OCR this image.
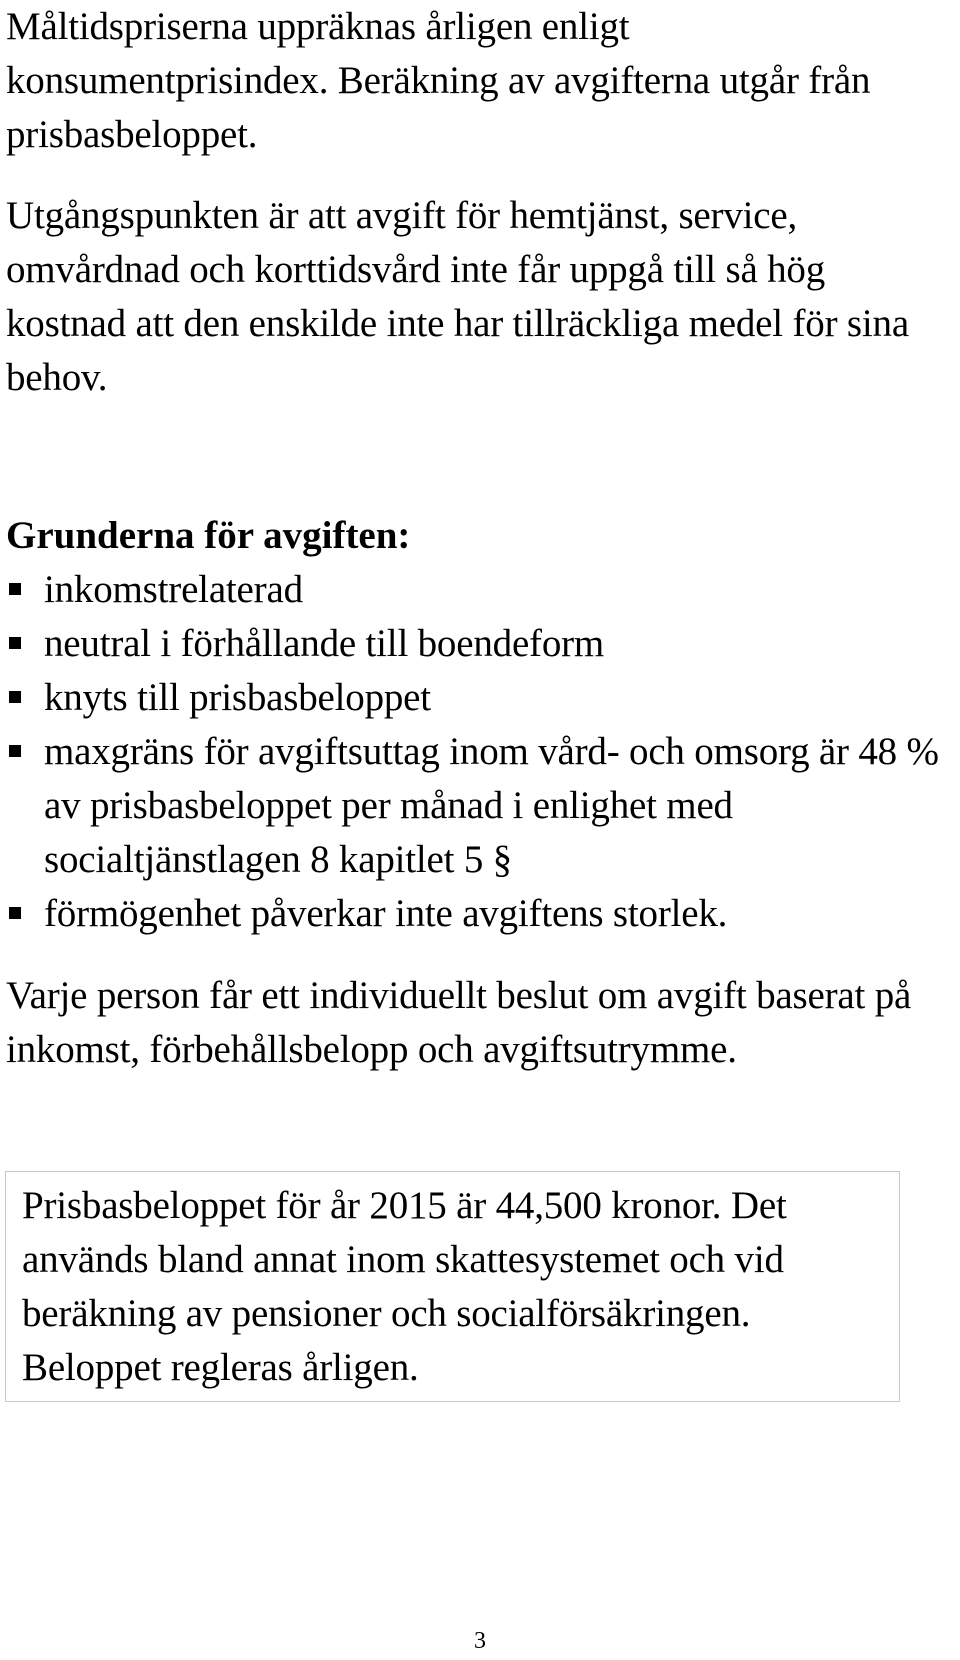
Måltidspriserna uppräknas årligen enligt konsumentprisindex. Beräkning av avgifterna utgår från prisbasbeloppet.

Utgångspunkten är att avgift för hemtjänst, service, omvårdnad och korttidsvård inte får uppgå till så hög kostnad att den enskilde inte har tillräckliga medel för sina behov.

Grunderna för avgiften:

inkomstrelaterad
neutral i förhållande till boendeform
knyts till prisbasbeloppet
maxgräns för avgiftsuttag inom vård- och omsorg är 48 % av prisbasbeloppet per månad i enlighet med socialtjänstlagen 8 kapitlet 5 §
förmögenhet påverkar inte avgiftens storlek.

Varje person får ett individuellt beslut om avgift baserat på inkomst, förbehållsbelopp och avgiftsutrymme.

Prisbasbeloppet för år 2015 är 44,500 kronor. Det används bland annat inom skattesystemet och vid beräkning av pensioner och socialförsäkringen. Beloppet regleras årligen.

3
